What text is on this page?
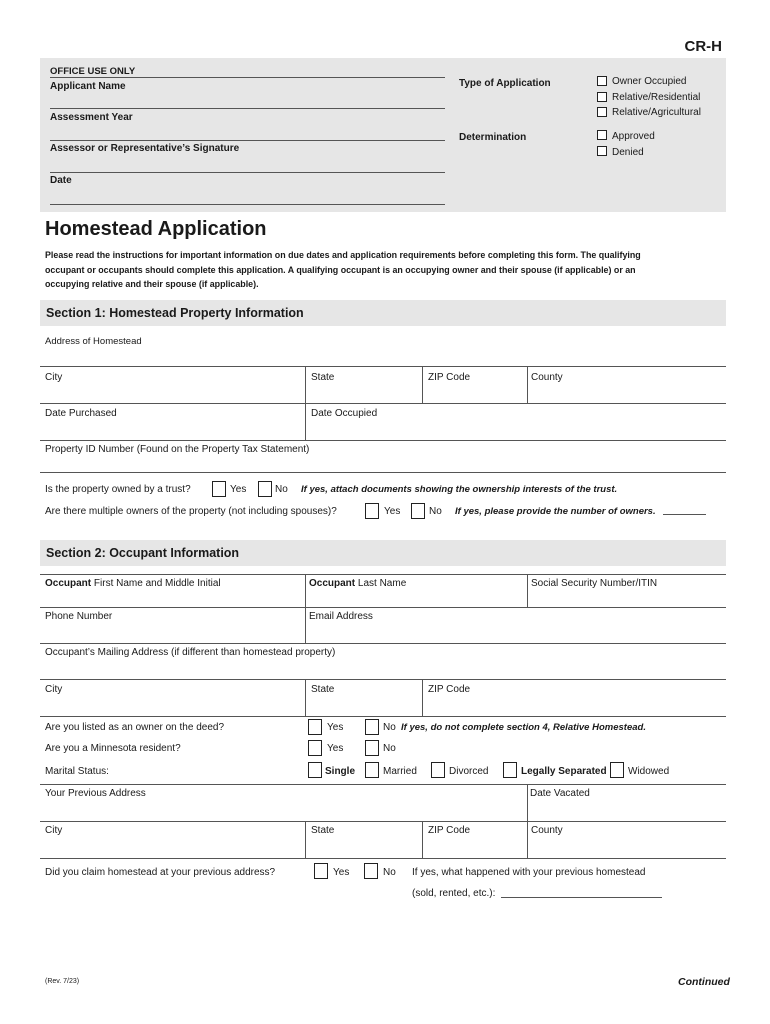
CR-H
OFFICE USE ONLY
Applicant Name
Assessment Year
Assessor or Representative’s Signature
Date
Type of Application	Owner Occupied
Relative/Residential
Relative/Agricultural
Determination	Approved
Denied
Homestead Application
Please read the instructions for important information on due dates and application requirements before completing this form. The qualifying
occupant or occupants should complete this application. A qualifying occupant is an occupying owner and their spouse (if applicable) or an
occupying relative and their spouse (if applicable).
Section 1: Homestead Property Information
Address of Homestead
City	State	ZIP Code	County
Date Purchased	Date Occupied
Property ID Number (Found on the Property Tax Statement)
Is the property owned by a trust?	Yes	No If yes, attach documents showing the ownership interests of the trust.
Are there multiple owners of the property (not including spouses)?	Yes	No If yes, please provide the number of owners.
Section 2: Occupant Information
Occupant First Name and Middle Initial	Occupant Last Name	Social Security Number/ITIN
Phone Number	Email Address
Occupant’s Mailing Address (if different than homestead property)
City	State	ZIP Code
Are you listed as an owner on the deed?	Yes	No If yes, do not complete section 4, Relative Homestead.
Are you a Minnesota resident?	Yes	No
Marital Status:	Single	Married	Divorced	Legally Separated Widowed
Your Previous Address	Date Vacated
City	State	ZIP Code	County
Did you claim homestead at your previous address?	Yes	No If yes, what happened with your previous homestead
(sold, rented, etc.):
(Rev. 7/23)	Continued
